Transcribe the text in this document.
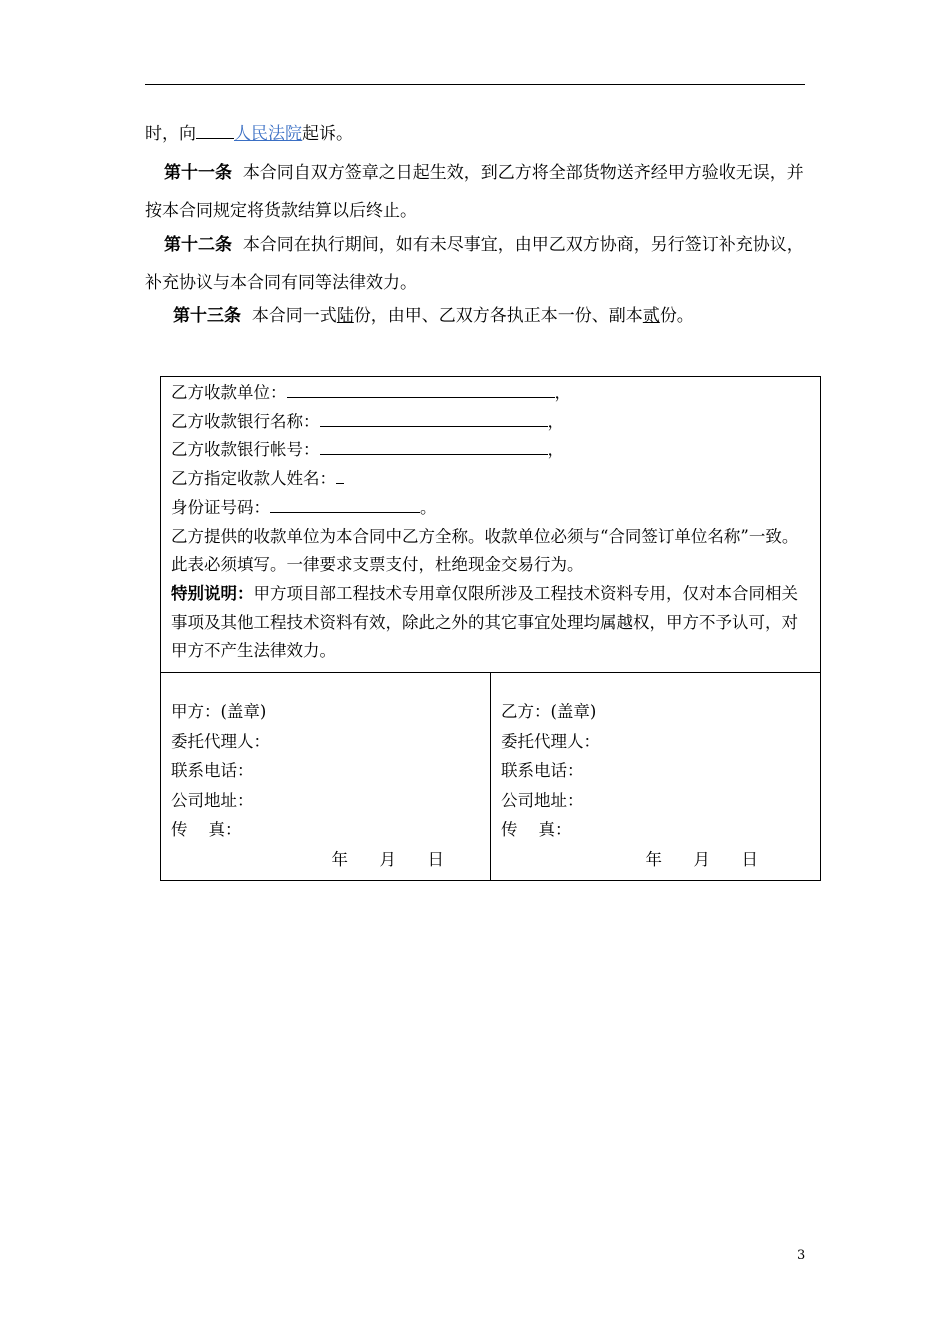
时，向 人民法院起诉。
第十一条 本合同自双方签章之日起生效，到乙方将全部货物送齐经甲方验收无误，并按本合同规定将货款结算以后终止。
第十二条 本合同在执行期间，如有未尽事宜，由甲乙双方协商，另行签订补充协议，补充协议与本合同有同等法律效力。
第十三条 本合同一式陆份，由甲、乙双方各执正本一份、副本贰份。
乙方收款单位：	，
乙方收款银行名称：	，
乙方收款银行帐号：	，
乙方指定收款人姓名：
身份证号码：	。
乙方提供的收款单位为本合同中乙方全称。收款单位必须与“合同签订单位名称”一致。此表必须填写。一律要求支票支付，杜绝现金交易行为。
特别说明：甲方项目部工程技术专用章仅限所涉及工程技术资料专用，仅对本合同相关事项及其他工程技术资料有效，除此之外的其它事宜处理均属越权，甲方不予认可，对甲方不产生法律效力。

甲方：(盖章)
委托代理人：
联系电话：
公司地址：
传    真：
年      月      日

乙方：(盖章)
委托代理人：
联系电话：
公司地址：
传    真：
年      月      日
3
